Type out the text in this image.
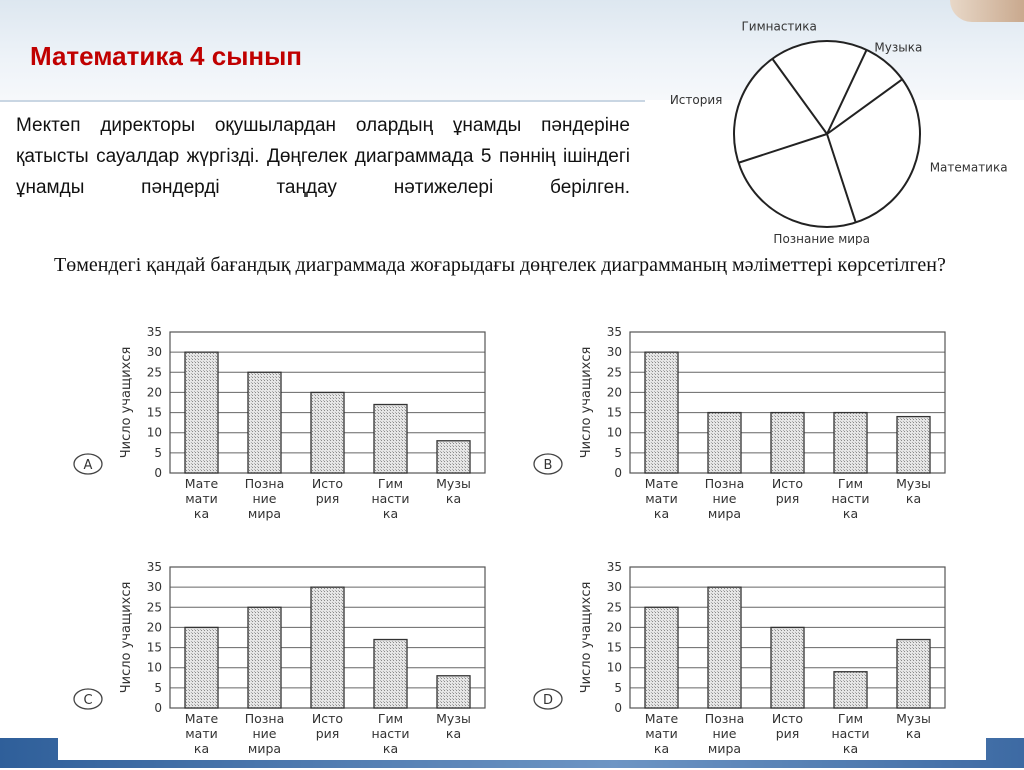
Математика 4 сынып
Мектеп директоры оқушылардан олардың ұнамды пәндеріне қатысты сауалдар жүргізді. Дөңгелек диаграммада 5 пәннің ішіндегі ұнамды пәндерді таңдау нәтижелері берілген.
Математика
Познание мира
История
Гимнастика
Музыка
Төмендегі қандай бағандық диаграммада жоғарыдағы дөңгелек диаграмманың мәліметтері көрсетілген?
A
Число учащихся
0
5
10
15
20
25
30
35
Мате мати ка
Позна ние мира
Исто рия
Гим насти ка
Музы ка
B
Число учащихся
0
5
10
15
20
25
30
35
Мате мати ка
Позна ние мира
Исто рия
Гим насти ка
Музы ка
C
Число учащихся
0
5
10
15
20
25
30
35
Мате мати ка
Позна ние мира
Исто рия
Гим насти ка
Музы ка
D
Число учащихся
0
5
10
15
20
25
30
35
Мате мати ка
Позна ние мира
Исто рия
Гим насти ка
Музы ка
